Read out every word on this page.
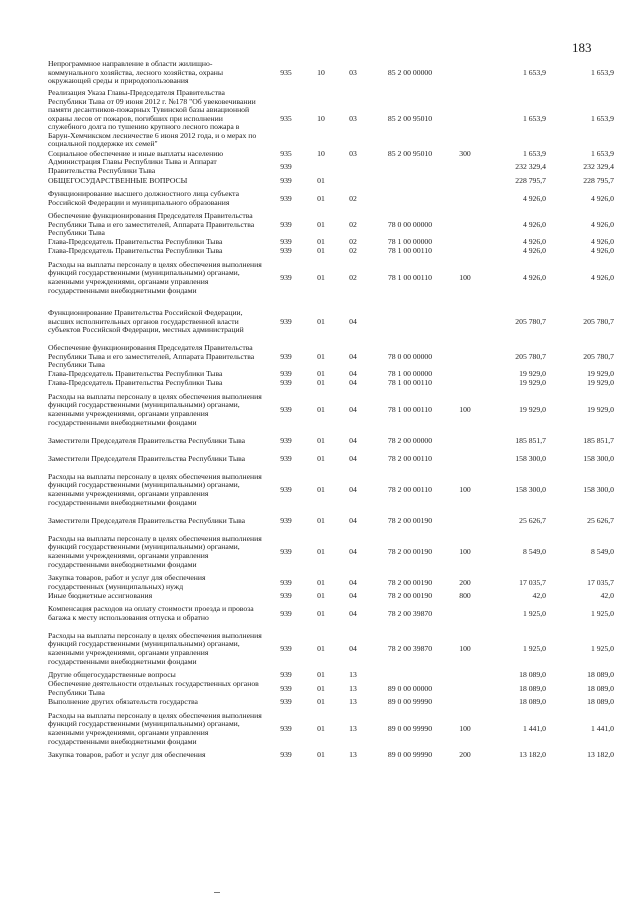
183
Непрограммное направление в области жилищно-коммунального хозяйства, лесного хозяйства, охраны окружающей среды и природопользования
935	10	03	85 2 00 00000	1 653,9	1 653,9
Реализация Указа Главы-Председателя Правительства Республики Тыва от 09 июня 2012 г. №178 "Об увековечивании памяти десантников-пожарных Тувинской базы авиационной охраны лесов от пожаров, погибших при исполнении служебного долга по тушению крупного лесного пожара в Барун-Хемчикском лесничестве 6 июня 2012 года, и о мерах по социальной поддержке их семей"
935	10	03	85 2 00 95010	1 653,9	1 653,9
Социальное обеспечение и иные выплаты населению	935	10	03	85 2 00 95010	300	1 653,9	1 653,9
Администрация Главы Республики Тыва и Аппарат Правительства Республики Тыва	939	232 329,4	232 329,4
ОБЩЕГОСУДАРСТВЕННЫЕ ВОПРОСЫ	939	01	228 795,7	228 795,7
Функционирование высшего должностного лица субъекта Российской Федерации и муниципального образования	939	01	02	4 926,0	4 926,0
Обеспечение функционирования Председателя Правительства Республики Тыва и его заместителей, Аппарата Правительства Республики Тыва
939	01	02	78 0 00 00000	4 926,0	4 926,0
Глава-Председатель Правительства Республики Тыва	939	01	02	78 1 00 00000	4 926,0	4 926,0
Глава-Председатель Правительства Республики Тыва	939	01	02	78 1 00 00110	4 926,0	4 926,0
Расходы на выплаты персоналу в целях обеспечения выполнения функций государственными (муниципальными) органами, казенными учреждениями, органами управления государственными внебюджетными фондами
939	01	02	78 1 00 00110	100	4 926,0	4 926,0
Функционирование Правительства Российской Федерации, высших исполнительных органов государственной власти субъектов Российской Федерации, местных администраций
939	01	04	205 780,7	205 780,7
Обеспечение функционирования Председателя Правительства Республики Тыва и его заместителей, Аппарата Правительства Республики Тыва
939	01	04	78 0 00 00000	205 780,7	205 780,7
Глава-Председатель Правительства Республики Тыва	939	01	04	78 1 00 00000	19 929,0	19 929,0
Глава-Председатель Правительства Республики Тыва	939	01	04	78 1 00 00110	19 929,0	19 929,0
Расходы на выплаты персоналу в целях обеспечения выполнения функций государственными (муниципальными) органами, казенными учреждениями, органами управления государственными внебюджетными фондами
939	01	04	78 1 00 00110	100	19 929,0	19 929,0
Заместители Председателя Правительства Республики Тыва	939	01	04	78 2 00 00000	185 851,7	185 851,7
Заместители Председателя Правительства Республики Тыва	939	01	04	78 2 00 00110	158 300,0	158 300,0
Расходы на выплаты персоналу в целях обеспечения выполнения функций государственными (муниципальными) органами, казенными учреждениями, органами управления государственными внебюджетными фондами
939	01	04	78 2 00 00110	100	158 300,0	158 300,0
Заместители Председателя Правительства Республики Тыва	939	01	04	78 2 00 00190	25 626,7	25 626,7
Расходы на выплаты персоналу в целях обеспечения выполнения функций государственными (муниципальными) органами, казенными учреждениями, органами управления государственными внебюджетными фондами
939	01	04	78 2 00 00190	100	8 549,0	8 549,0
Закупка товаров, работ и услуг для обеспечения государственных (муниципальных) нужд	939	01	04	78 2 00 00190	200	17 035,7	17 035,7
Иные бюджетные ассигнования	939	01	04	78 2 00 00190	800	42,0	42,0
Компенсация расходов на оплату стоимости проезда и провоза багажа к месту использования отпуска и обратно	939	01	04	78 2 00 39870	1 925,0	1 925,0
Расходы на выплаты персоналу в целях обеспечения выполнения функций государственными (муниципальными) органами, казенными учреждениями, органами управления государственными внебюджетными фондами
939	01	04	78 2 00 39870	100	1 925,0	1 925,0
Другие общегосударственные вопросы	939	01	13	18 089,0	18 089,0
Обеспечение деятельности отдельных государственных органов Республики Тыва	939	01	13	89 0 00 00000	18 089,0	18 089,0
Выполнение других обязательств государства	939	01	13	89 0 00 99990	18 089,0	18 089,0
Расходы на выплаты персоналу в целях обеспечения выполнения функций государственными (муниципальными) органами, казенными учреждениями, органами управления государственными внебюджетными фондами
939	01	13	89 0 00 99990	100	1 441,0	1 441,0
Закупка товаров, работ и услуг для обеспечения	939	01	13	89 0 00 99990	200	13 182,0	13 182,0
